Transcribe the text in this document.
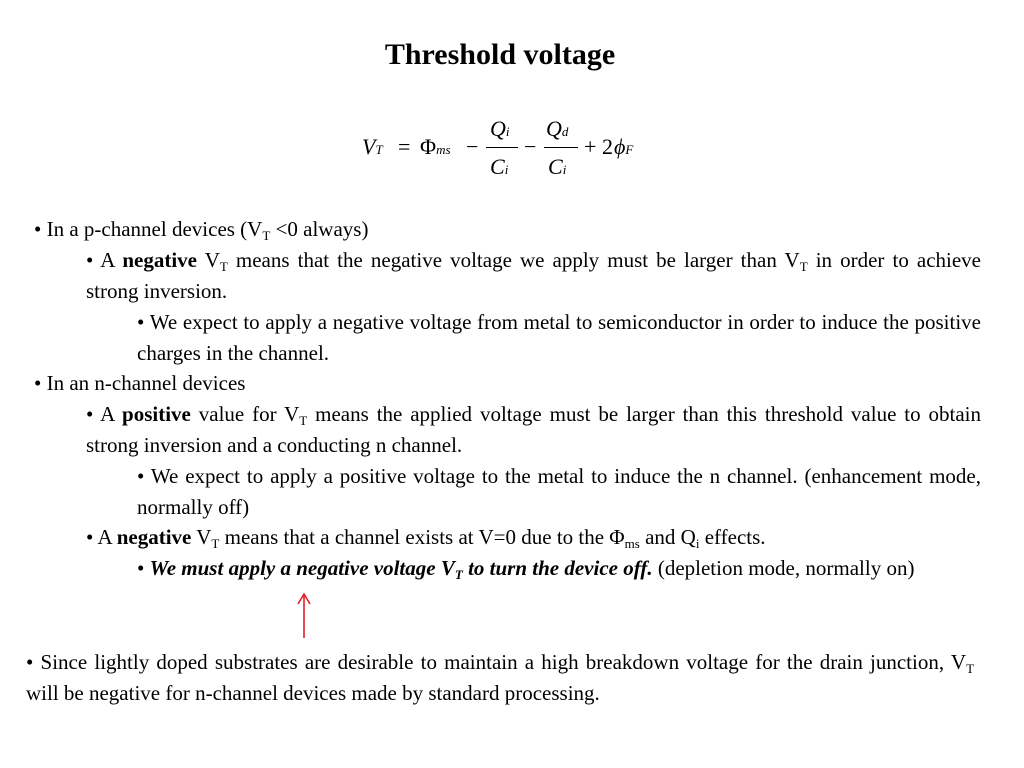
Threshold voltage
VT = Φms −
Qi
Ci
−
Qd
Ci
+ 2 ϕF
• In a p-channel devices ($V_T <0$ always)
• A negative $V_T$ means that the negative voltage we apply must be larger than $V_T$ in order to achieve strong inversion.
• We expect to apply a negative voltage from metal to semiconductor in order to induce the positive charges in the channel.
• In an n-channel devices
• A positive value for $V_T$ means the applied voltage must be larger than this threshold value to obtain strong inversion and a conducting n channel.
• We expect to apply a positive voltage to the metal to induce the n channel. (enhancement mode, normally off)
• A negative $V_T$ means that a channel exists at V=0 due to the $\Phi_{ms}$ and $Q_i$ effects.
• We must apply a negative voltage $V_T$ to turn the device off. (depletion mode, normally on)
• Since lightly doped substrates are desirable to maintain a high breakdown voltage for the drain junction, $V_T$ will be negative for n-channel devices made by standard processing.
